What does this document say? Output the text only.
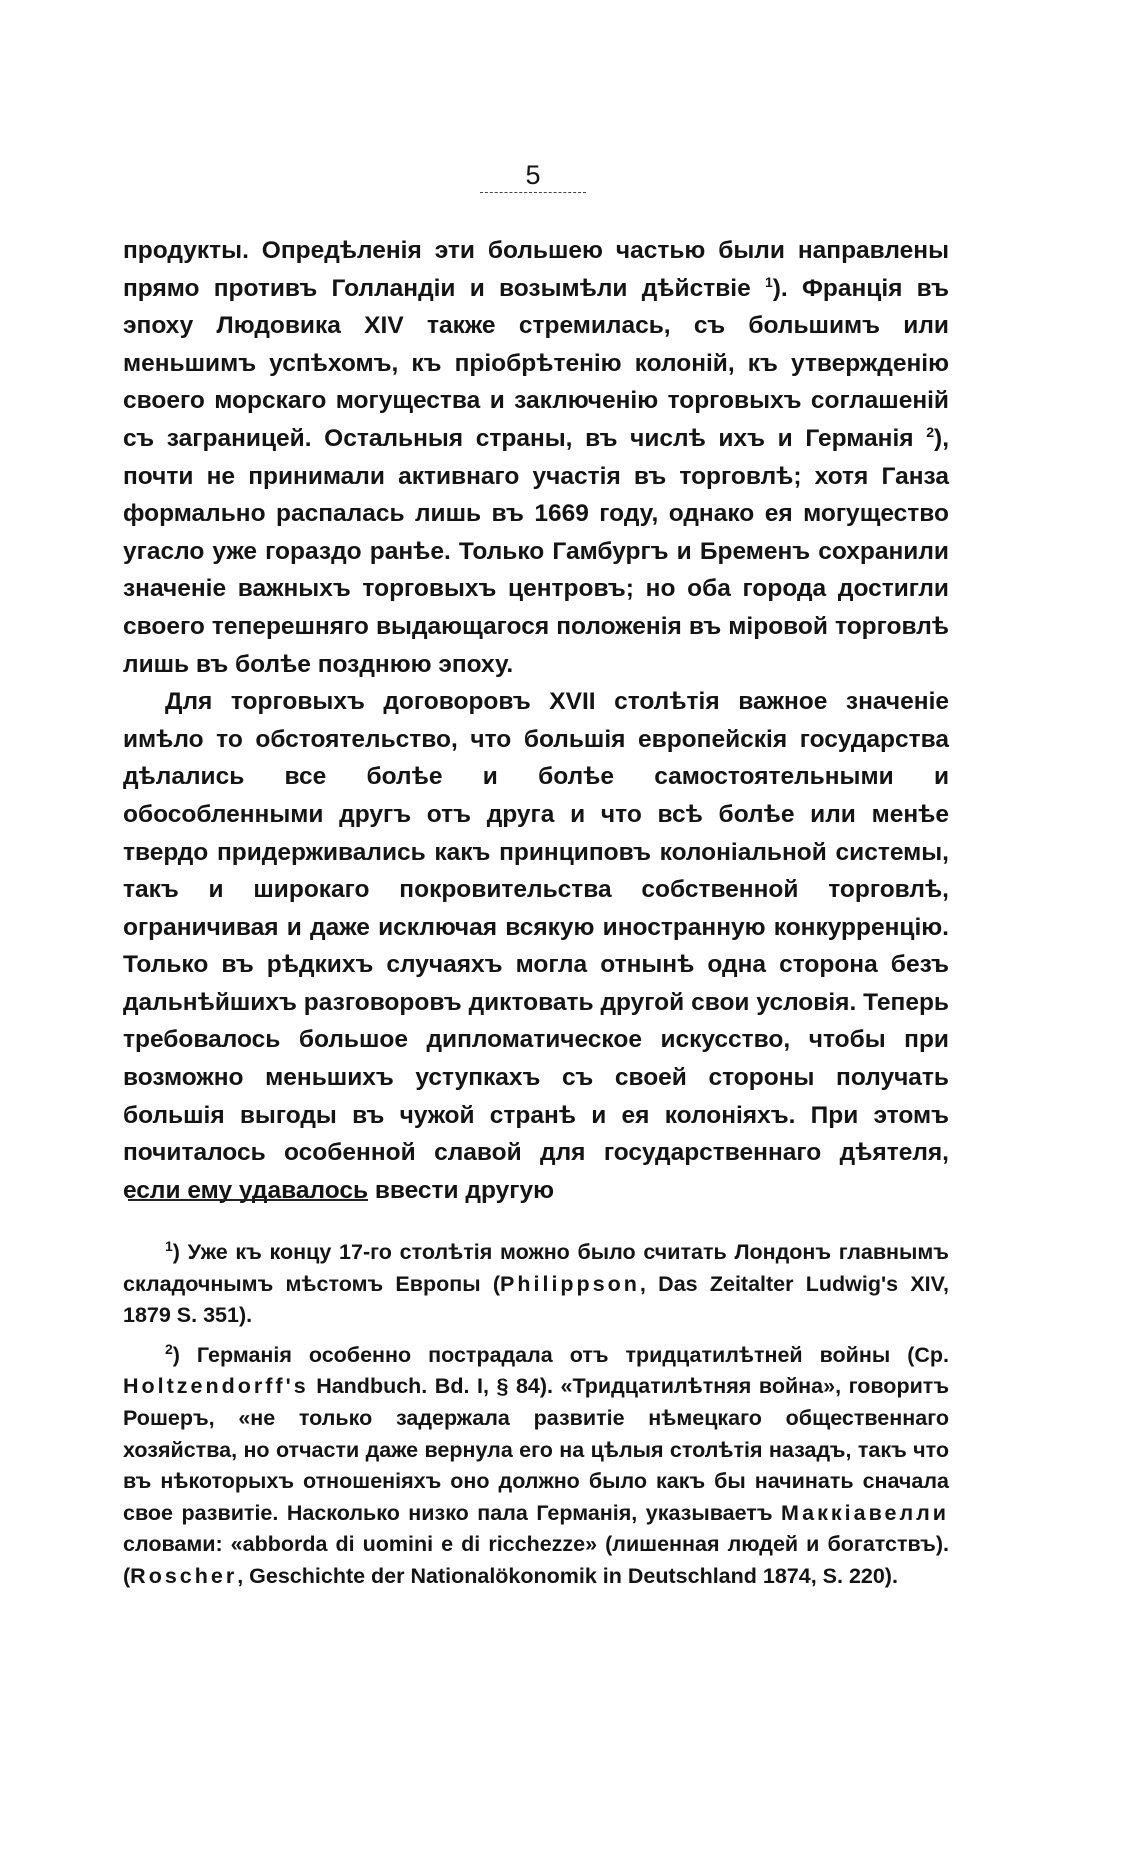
5

продукты. Опредѣленія эти большею частью были направлены прямо противъ Голландіи и возымѣли дѣйствіе $^1$). Францiя въ эпоху Людовика XIV также стремилась, съ большимъ или меньшимъ успѣхомъ, къ пріобрѣтенію колоній, къ утвержденію своего морскаго могущества и заключенію торговыхъ соглашеній съ заграницей. Остальныя страны, въ числѣ ихъ и Германія $^2$), почти не принимали активнаго участія въ торговлѣ; хотя Ганза формально распалась лишь въ 1669 году, однако ея могущество угасло уже гораздо ранѣе. Только Гамбургъ и Бременъ сохранили значеніе важныхъ торговыхъ центровъ; но оба города достигли своего теперешняго выдающагося положенія въ міровой торговлѣ лишь въ болѣе позднюю эпоху.

Для торговыхъ договоровъ XVII столѣтія важное значеніе имѣло то обстоятельство, что большія европейскія государства дѣлались все болѣе и болѣе самостоятельными и обособленными другъ отъ друга и что всѣ болѣе или менѣе твердо придерживались какъ принциповъ колоніальной системы, такъ и широкаго покровительства собственной торговлѣ, ограничивая и даже исключая всякую иностранную конкурренцію. Только въ рѣдкихъ случаяхъ могла отнынѣ одна сторона безъ дальнѣйшихъ разговоровъ диктовать другой свои условія. Теперь требовалось большое дипломатическое искусство, чтобы при возможно меньшихъ уступкахъ съ своей стороны получать большія выгоды въ чужой странѣ и ея колоніяхъ. При этомъ почиталось особенной славой для государственнаго дѣятеля, если ему удавалось ввести другую

$^1$) Уже къ концу 17-го столѣтія можно было считать Лондонъ главнымъ складочнымъ мѣстомъ Европы (Philippson, Das Zeitalter Ludwig's XIV, 1879 S. 351).

$^2$) Германія особенно пострадала отъ тридцатилѣтней войны (Ср. Holtzendorff's Handbuch. Bd. I, § 84). «Тридцатилѣтняя война», говоритъ Рошеръ, «не только задержала развитіе нѣмецкаго общественнаго хозяйства, но отчасти даже вернула его на цѣлыя столѣтія назадъ, такъ что въ нѣкоторыхъ отношеніяхъ оно должно было какъ бы начинать сначала свое развитіе. Насколько низко пала Германія, указываетъ Маккіавелли словами: «abborda di uomini e di ricchezze» (лишенная людей и богатствъ). (Roscher, Geschichte der Nationalökonomik in Deutschland 1874, S. 220).
